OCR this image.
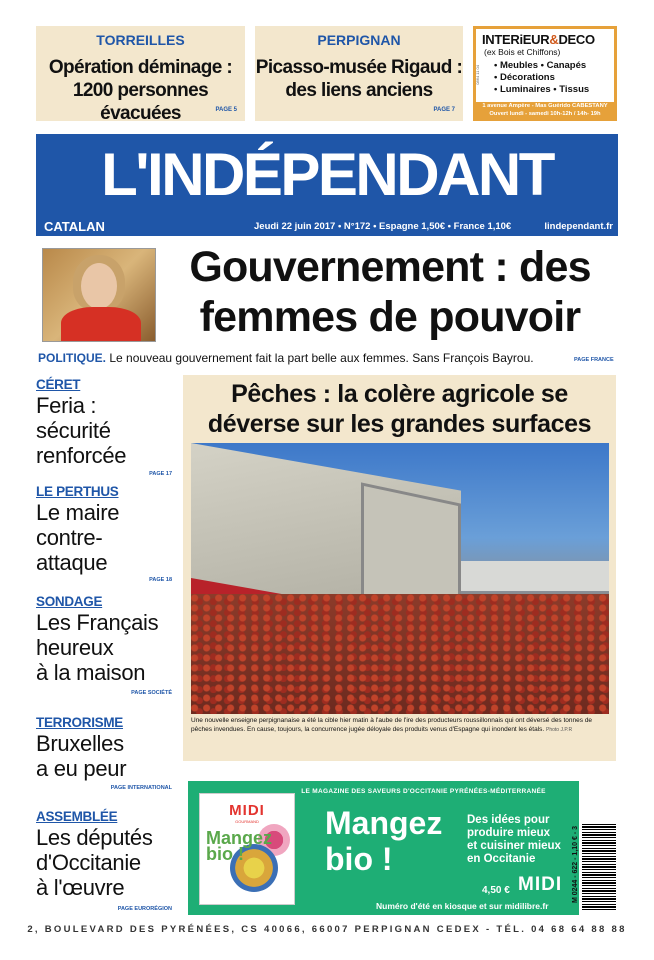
TORREILLES
Opération déminage :
1200 personnes évacuées	PAGE 5
PERPIGNAN
Picasso-musée Rigaud :
des liens anciens
PAGE 7
0864 11 04
INTERiEUR&DECO
(ex Bois et Chiffons)
• Meubles • Canapés
• Décorations
• Luminaires • Tissus
1 avenue Ampère - Mas Guérido CABESTANY
Ouvert lundi - samedi 10h-12h / 14h- 19h
L'INDÉPENDANT
CATALAN	Jeudi 22 juin 2017 • N°172 • Espagne 1,50€ • France 1,10€	lindependant.fr
Gouvernement : des
femmes de pouvoir
POLITIQUE. Le nouveau gouvernement fait la part belle aux femmes. Sans François Bayrou.	PAGE FRANCE
CÉRET
Feria :
sécurité
renforcée
PAGE 17
LE PERTHUS
Le maire
contre-
attaque
PAGE 18
SONDAGE
Les Français
heureux
à la maison
PAGE SOCIÉTÉ
TERRORISME
Bruxelles
a eu peur
PAGE INTERNATIONAL
ASSEMBLÉE
Les députés
d'Occitanie
à l'œuvre
PAGE EURORÉGION
Pêches : la colère agricole se
déverse sur les grandes surfaces
Une nouvelle enseigne perpignanaise a été la cible hier matin à l'aube de l'ire des producteurs roussillonnais qui ont déversé des tonnes de pêches invendues. En cause, toujours, la concurrence jugée déloyale des produits venus d'Espagne qui inondent les étals. Photo J.P.R
LE MAGAZINE DES SAVEURS D'OCCITANIE PYRÉNÉES-MÉDITERRANÉE
MIDI
GOURMAND
Mangez bio !
Mangez
bio !
Des idées pour
produire mieux
et cuisiner mieux
en Occitanie
4,50 € MIDI
Numéro d'été en kiosque et sur midilibre.fr
M 0244 - 622 - 1,10 € - 3
2, BOULEVARD DES PYRÉNÉES, CS 40066, 66007 PERPIGNAN CEDEX - TÉL. 04 68 64 88 88
